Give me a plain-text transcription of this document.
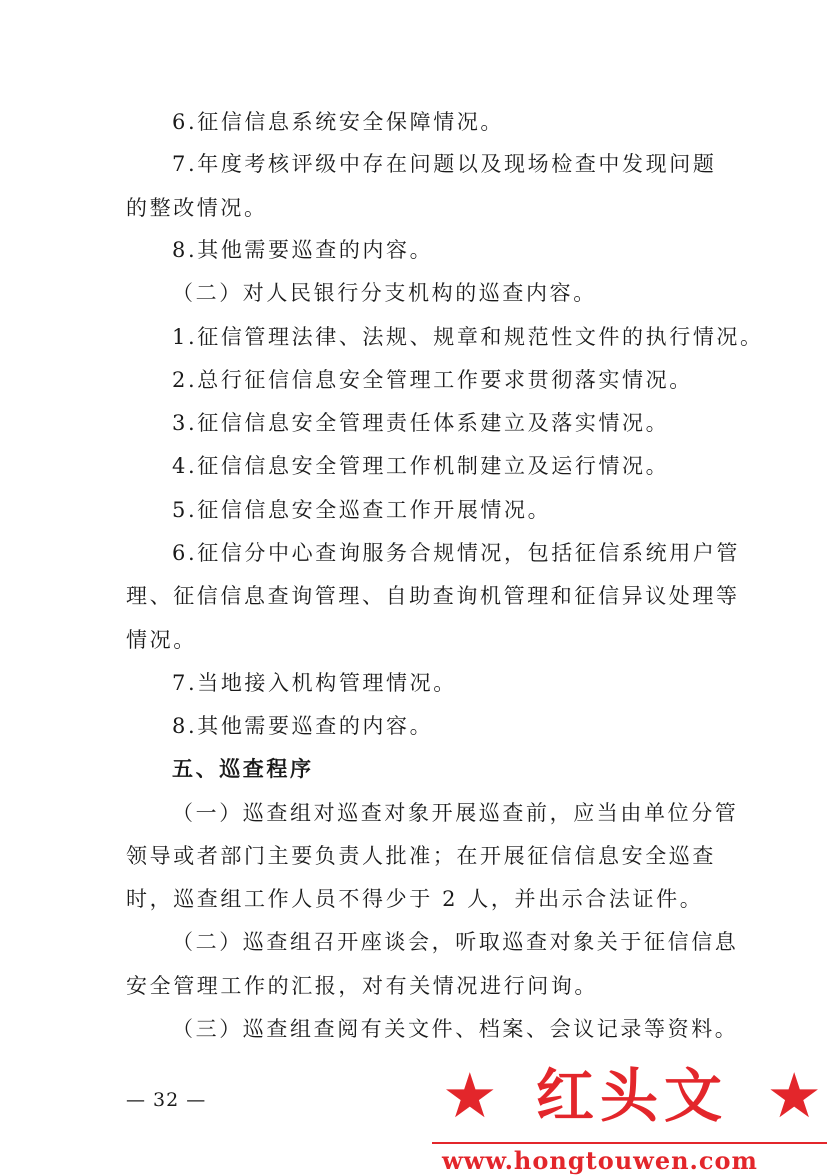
6.征信信息系统安全保障情况。
7.年度考核评级中存在问题以及现场检查中发现问题
的整改情况。
8.其他需要巡查的内容。
（二）对人民银行分支机构的巡查内容。
1.征信管理法律、法规、规章和规范性文件的执行情况。
2.总行征信信息安全管理工作要求贯彻落实情况。
3.征信信息安全管理责任体系建立及落实情况。
4.征信信息安全管理工作机制建立及运行情况。
5.征信信息安全巡查工作开展情况。
6.征信分中心查询服务合规情况，包括征信系统用户管
理、征信信息查询管理、自助查询机管理和征信异议处理等
情况。
7.当地接入机构管理情况。
8.其他需要巡查的内容。
五、巡查程序
（一）巡查组对巡查对象开展巡查前，应当由单位分管
领导或者部门主要负责人批准；在开展征信信息安全巡查
时，巡查组工作人员不得少于 2 人，并出示合法证件。
（二）巡查组召开座谈会，听取巡查对象关于征信信息
安全管理工作的汇报，对有关情况进行问询。
（三）巡查组查阅有关文件、档案、会议记录等资料。
— 32 —	★ 红头文 ★
www.hongtouwen.com
